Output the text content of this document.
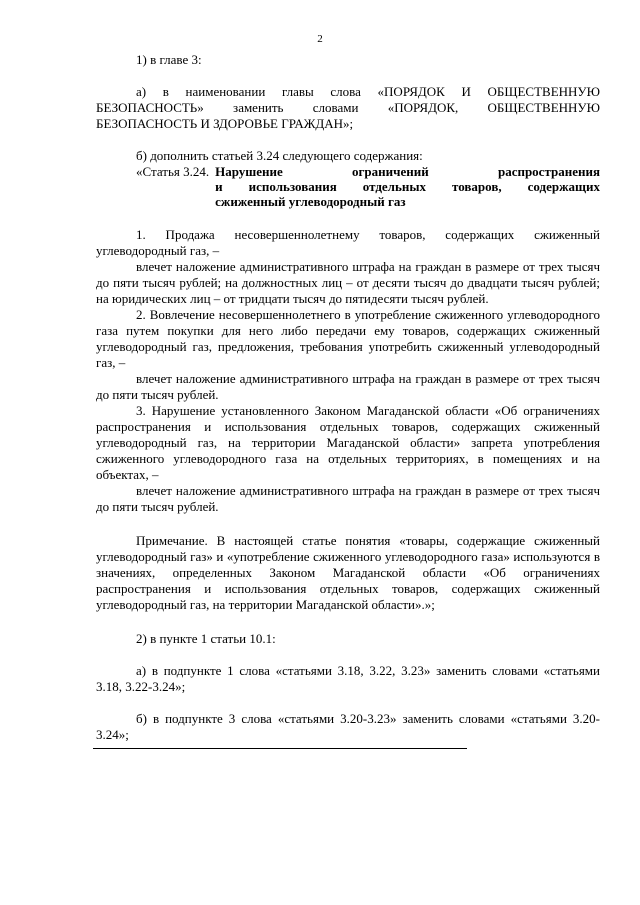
2

1) в главе 3:

а) в наименовании главы слова «ПОРЯДОК И ОБЩЕСТВЕННУЮ БЕЗОПАСНОСТЬ» заменить словами «ПОРЯДОК, ОБЩЕСТВЕННУЮ БЕЗОПАСНОСТЬ И ЗДОРОВЬЕ ГРАЖДАН»;

б) дополнить статьей 3.24 следующего содержания:

«Статья 3.24. Нарушение ограничений распространения
и использования отдельных товаров, содержащих
сжиженный углеводородный газ

1. Продажа несовершеннолетнему товаров, содержащих сжиженный углеводородный газ, –

влечет наложение административного штрафа на граждан в размере от трех тысяч до пяти тысяч рублей; на должностных лиц – от десяти тысяч до двадцати тысяч рублей; на юридических лиц – от тридцати тысяч до пятидесяти тысяч рублей.

2. Вовлечение несовершеннолетнего в употребление сжиженного углеводородного газа путем покупки для него либо передачи ему товаров, содержащих сжиженный углеводородный газ, предложения, требования употребить сжиженный углеводородный газ, –

влечет наложение административного штрафа на граждан в размере от трех тысяч до пяти тысяч рублей.

3. Нарушение установленного Законом Магаданской области «Об ограничениях распространения и использования отдельных товаров, содержащих сжиженный углеводородный газ, на территории Магаданской области» запрета употребления сжиженного углеводородного газа на отдельных территориях, в помещениях и на объектах, –

влечет наложение административного штрафа на граждан в размере от трех тысяч до пяти тысяч рублей.

Примечание. В настоящей статье понятия «товары, содержащие сжиженный углеводородный газ» и «употребление сжиженного углеводородного газа» используются в значениях, определенных Законом Магаданской области «Об ограничениях распространения и использования отдельных товаров, содержащих сжиженный углеводородный газ, на территории Магаданской области».»;

2) в пункте 1 статьи 10.1:

а) в подпункте 1 слова «статьями 3.18, 3.22, 3.23» заменить словами «статьями 3.18, 3.22-3.24»;

б) в подпункте 3 слова «статьями 3.20-3.23» заменить словами «статьями 3.20-3.24»;
